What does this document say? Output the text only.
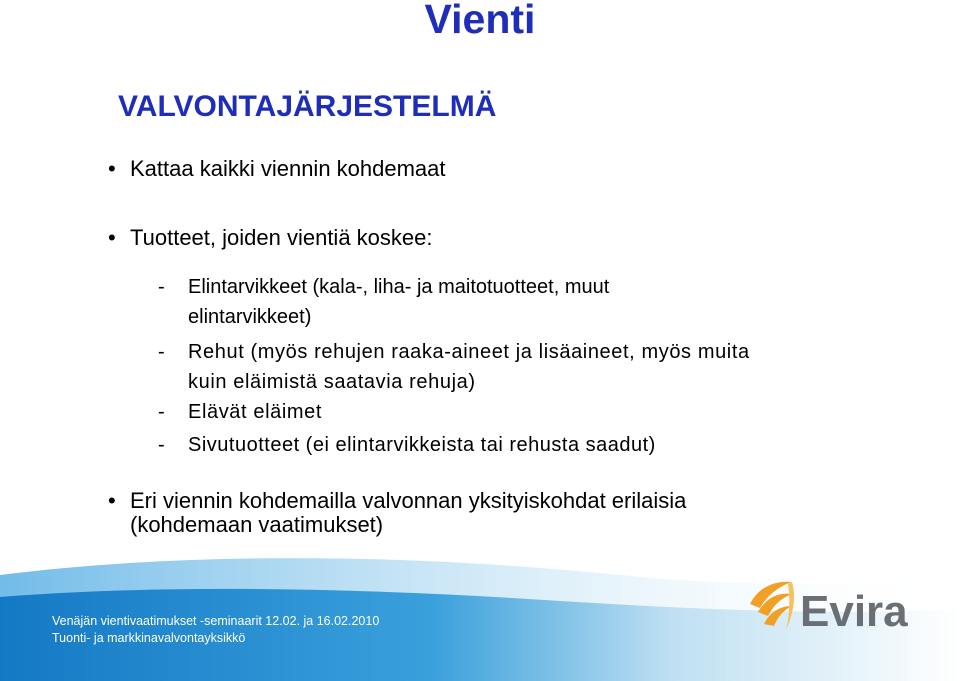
Vienti
VALVONTAJÄRJESTELMÄ
• Kattaa kaikki viennin kohdemaat
• Tuotteet, joiden vientiä koskee:
- Elintarvikkeet (kala-, liha- ja maitotuotteet, muut
elintarvikkeet)
- Rehut (myös rehujen raaka-aineet ja lisäaineet, myös muita
kuin eläimistä saatavia rehuja)
- Elävät eläimet
- Sivutuotteet (ei elintarvikkeista tai rehusta saadut)
• Eri viennin kohdemailla valvonnan yksityiskohdat erilaisia
(kohdemaan vaatimukset)
Venäjän vientivaatimukset -seminaarit 12.02. ja 16.02.2010
Tuonti- ja markkinavalvontayksikkö
Evira
